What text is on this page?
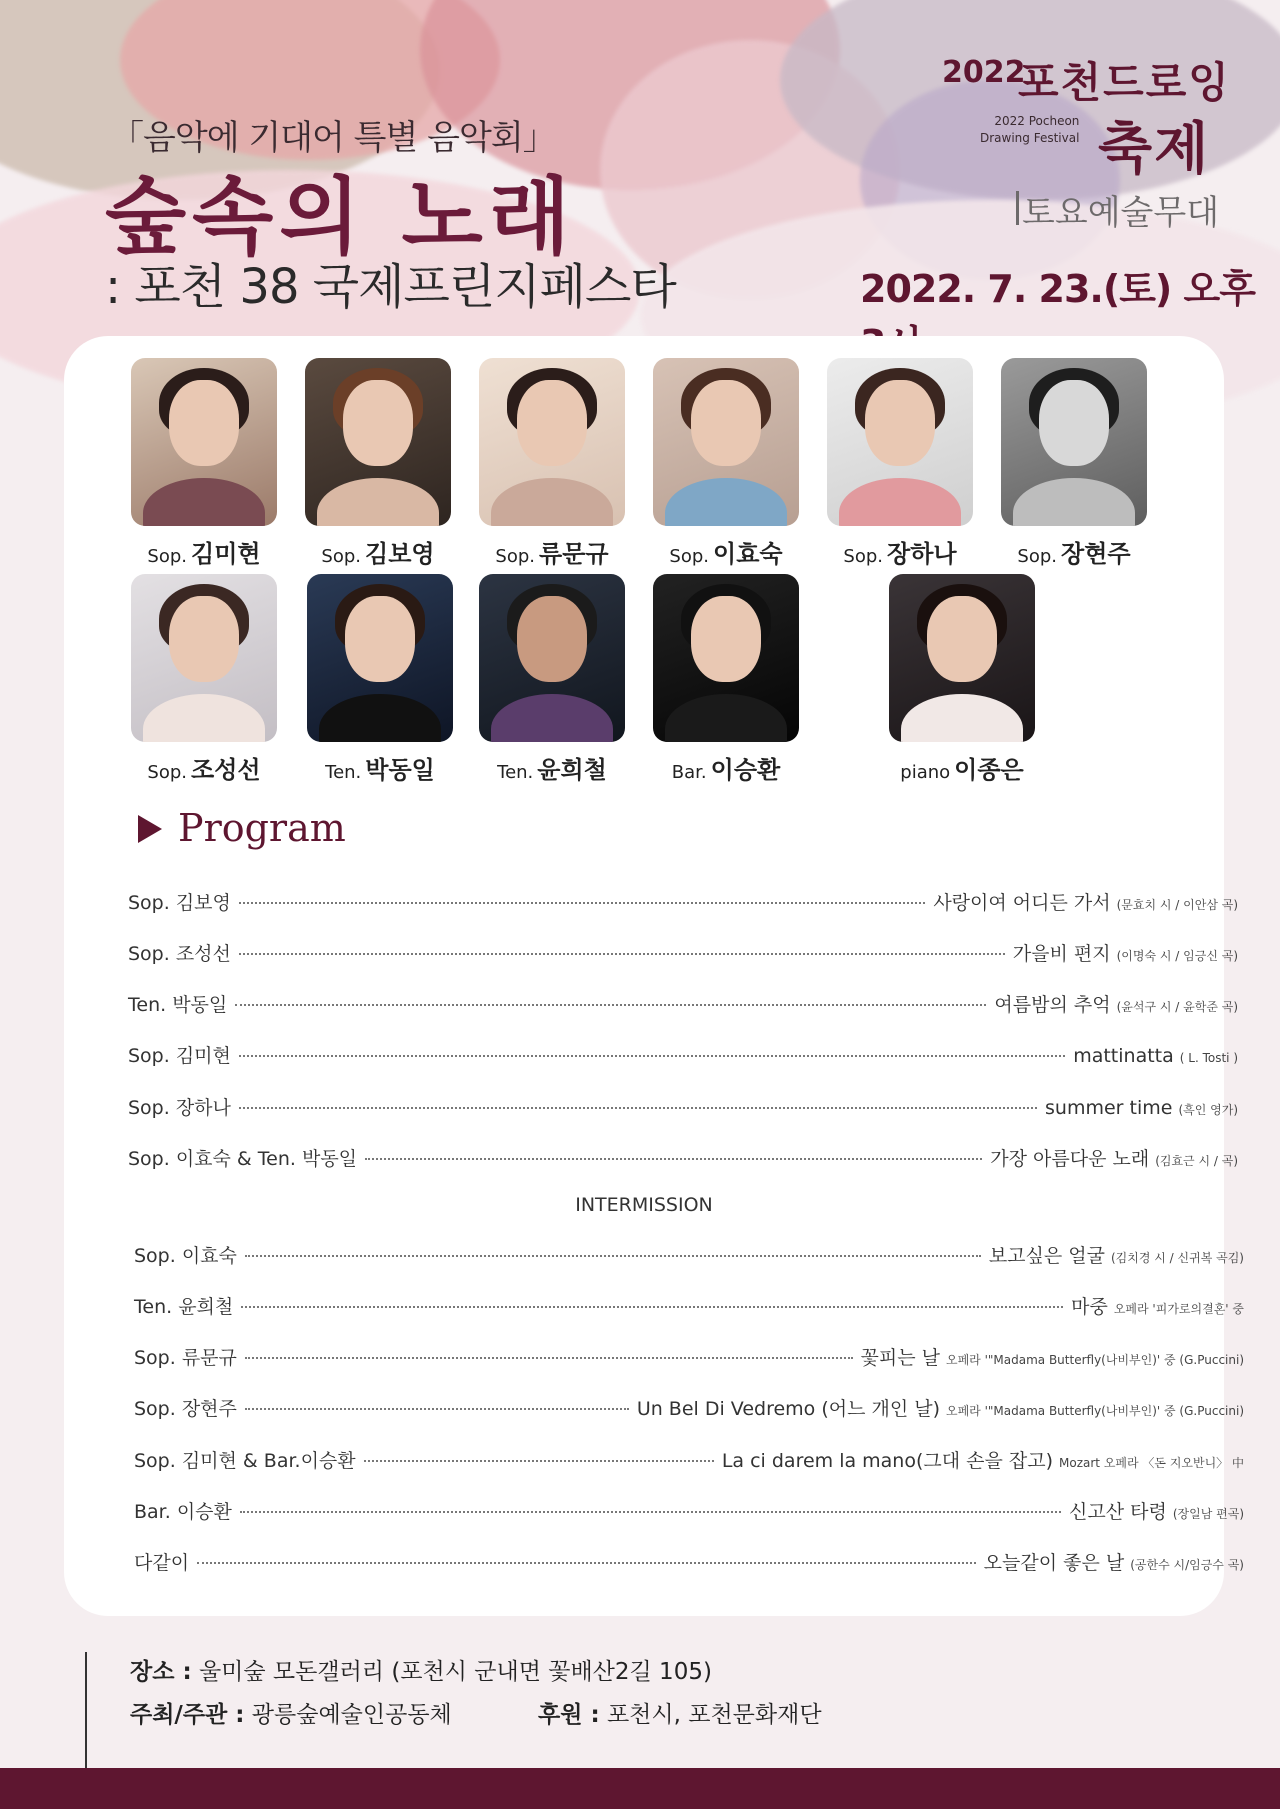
「음악에 기대어 특별 음악회」
숲속의 노래
: 포천 38 국제프린지페스타
2022
포천드로잉
2022 Pocheon
Drawing Festival 축제
토요예술무대
2022. 7. 23.(토) 오후
Sop. 김미현	Sop. 김보영	Sop. 류문규	Sop. 이효숙	Sop. 장하나	Sop. 장현주
Sop. 조성선	Ten. 박동일	Ten. 윤희철	Bar. 이승환	piano 이종은
Program
Sop. 김보영	사랑이여 어디든 가서 (문효치 시 / 이안삼 곡)
Sop. 조성선	가을비 편지 (이명숙 시 / 임긍신 곡)
Ten. 박동일	여름밤의 추억 (윤석구 시 / 윤학준 곡)
Sop. 김미현	mattinatta ( L. Tosti )
Sop. 장하나	summer time (흑인 영가)
Sop. 이효숙 & Ten. 박동일	가장 아름다운 노래 (김효근 시 / 곡)
INTERMISSION
Sop. 이효숙	보고싶은 얼굴 (김치경 시 / 신귀복 곡김)
Ten. 윤희철	마중 오페라 '피가로의결혼' 중
Sop. 류문규	꽃피는 날 오페라 '"Madama Butterfly(나비부인)' 중 (G.Puccini)
Sop. 장현주	Un Bel Di Vedremo (어느 개인 날) 오페라 '"Madama Butterfly(나비부인)' 중 (G.Puccini)
Sop. 김미현 & Bar.이승환	La ci darem la mano(그대 손을 잡고) Mozart 오페라 〈돈 지오반니〉 中
Bar. 이승환	신고산 타령 (장일남 편곡)
다같이	오늘같이 좋은 날 (공한수 시/임긍수 곡)
장소 : 울미숲 모돈갤러리 (포천시 군내면 꽃배산2길 105)
주최/주관 : 광릉숲예술인공동체	후원 : 포천시, 포천문화재단
